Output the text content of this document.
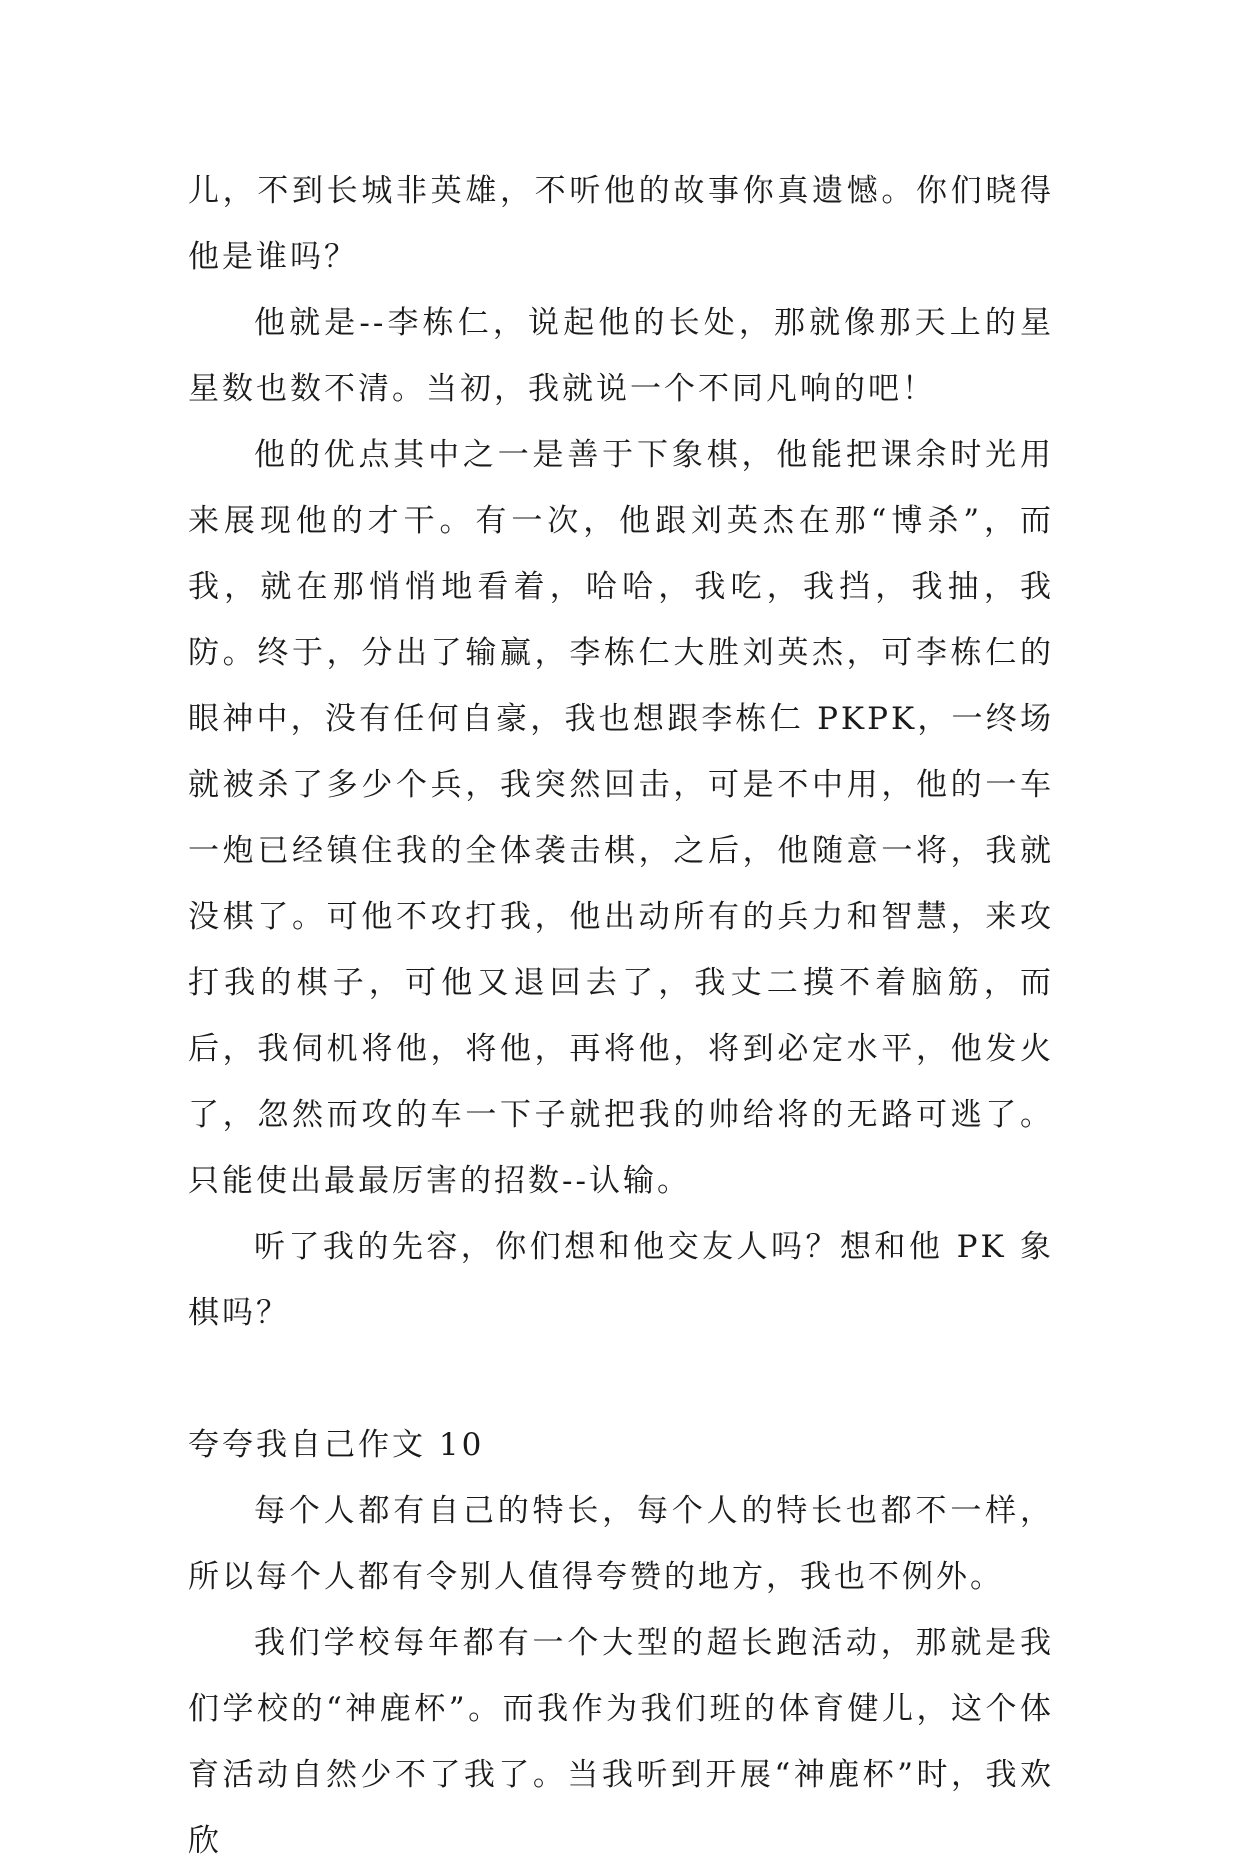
儿，不到长城非英雄，不听他的故事你真遗憾。你们晓得他是谁吗？

他就是--李栋仁，说起他的长处，那就像那天上的星星数也数不清。当初，我就说一个不同凡响的吧！

他的优点其中之一是善于下象棋，他能把课余时光用来展现他的才干。有一次，他跟刘英杰在那“博杀”，而我，就在那悄悄地看着，哈哈，我吃，我挡，我抽，我防。终于，分出了输赢，李栋仁大胜刘英杰，可李栋仁的眼神中，没有任何自豪，我也想跟李栋仁 PKPK，一终场就被杀了多少个兵，我突然回击，可是不中用，他的一车一炮已经镇住我的全体袭击棋，之后，他随意一将，我就没棋了。可他不攻打我，他出动所有的兵力和智慧，来攻打我的棋子，可他又退回去了，我丈二摸不着脑筋，而后，我伺机将他，将他，再将他，将到必定水平，他发火了，忽然而攻的车一下子就把我的帅给将的无路可逃了。只能使出最最厉害的招数--认输。

听了我的先容，你们想和他交友人吗？想和他 PK 象棋吗？

夸夸我自己作文 10

每个人都有自己的特长，每个人的特长也都不一样，所以每个人都有令别人值得夸赞的地方，我也不例外。

我们学校每年都有一个大型的超长跑活动，那就是我们学校的“神鹿杯”。而我作为我们班的体育健儿，这个体育活动自然少不了我了。当我听到开展“神鹿杯”时，我欢欣
